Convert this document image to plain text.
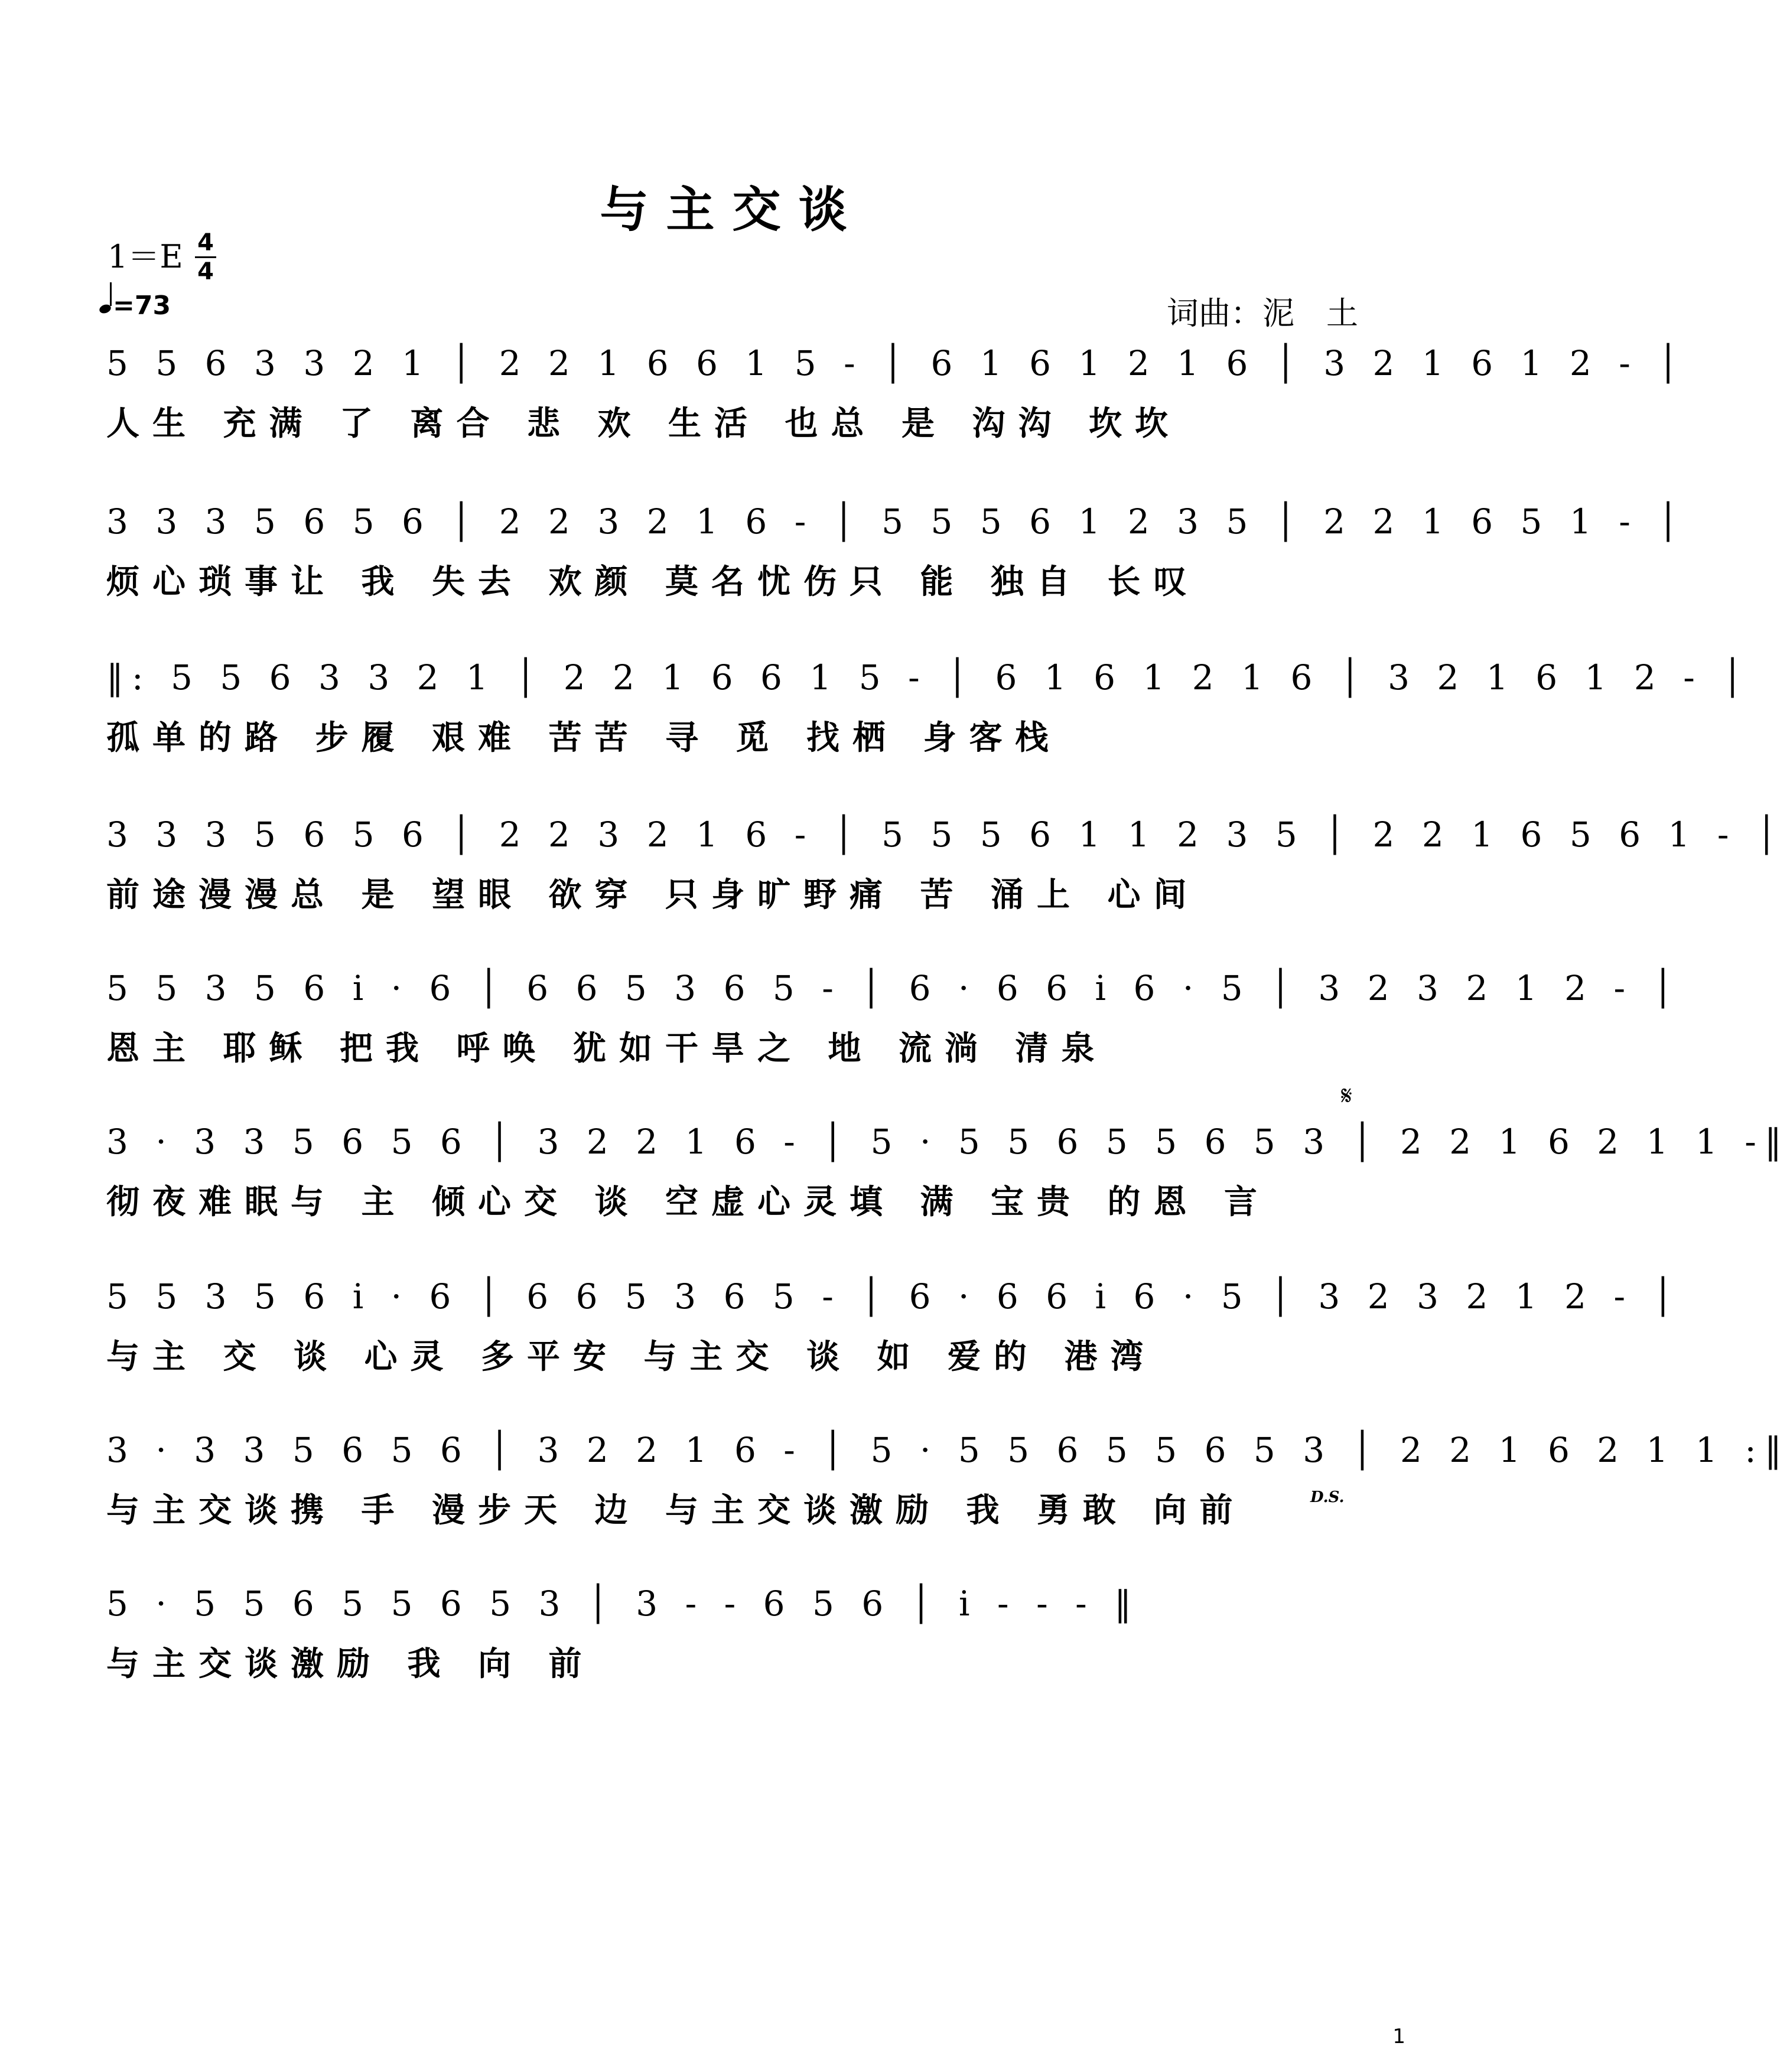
与主交谈
1＝E 4
4
=73	词曲：泥　土
5 5 6 3 3 2 1 │ 2 2 1 6 6 1 5 - │ 6 1 6 1 2 1 6 │ 3 2 1 6 1 2 - │
人生 充满 了 离合 悲 欢 生活 也总 是 沟沟 坎坎
3 3 3 5 6 5 6 │ 2 2 3 2 1 6 - │ 5 5 5 6 1 2 3 5 │ 2 2 1 6 5 1 - │
烦心琐事让 我 失去 欢颜 莫名忧伤只 能 独自 长叹
‖: 5 5 6 3 3 2 1 │ 2 2 1 6 6 1 5 - │ 6 1 6 1 2 1 6 │ 3 2 1 6 1 2 - │
孤单的路 步履 艰难 苦苦 寻 觅 找栖 身客栈
3 3 3 5 6 5 6 │ 2 2 3 2 1 6 - │ 5 5 5 6 1 1 2 3 5 │ 2 2 1 6 5 6 1 - │
前途漫漫总 是 望眼 欲穿 只身旷野痛 苦 涌上 心间
5 5 3 5 6 i · 6 │ 6 6 5 3 6 5 - │ 6 · 6 6 i 6 · 5 │ 3 2 3 2 1 2 - │
恩主 耶稣 把我 呼唤 犹如干旱之 地 流淌 清泉
𝄋
3 · 3 3 5 6 5 6 │ 3 2 2 1 6 - │ 5 · 5 5 6 5 5 6 5 3 │ 2 2 1 6 2 1 1 -‖
彻夜难眠与 主 倾心交 谈 空虚心灵填 满 宝贵 的恩 言
5 5 3 5 6 i · 6 │ 6 6 5 3 6 5 - │ 6 · 6 6 i 6 · 5 │ 3 2 3 2 1 2 - │
与主 交 谈 心灵 多平安 与主交 谈 如 爱的 港湾
3 · 3 3 5 6 5 6 │ 3 2 2 1 6 - │ 5 · 5 5 6 5 5 6 5 3 │ 2 2 1 6 2 1 1 :‖
与主交谈携 手 漫步天 边 与主交谈激励 我 勇敢 向前	D.S.
5 · 5 5 6 5 5 6 5 3 │ 3 - - 6 5 6 │ i - - - ‖
与主交谈激励 我 向 前
1
